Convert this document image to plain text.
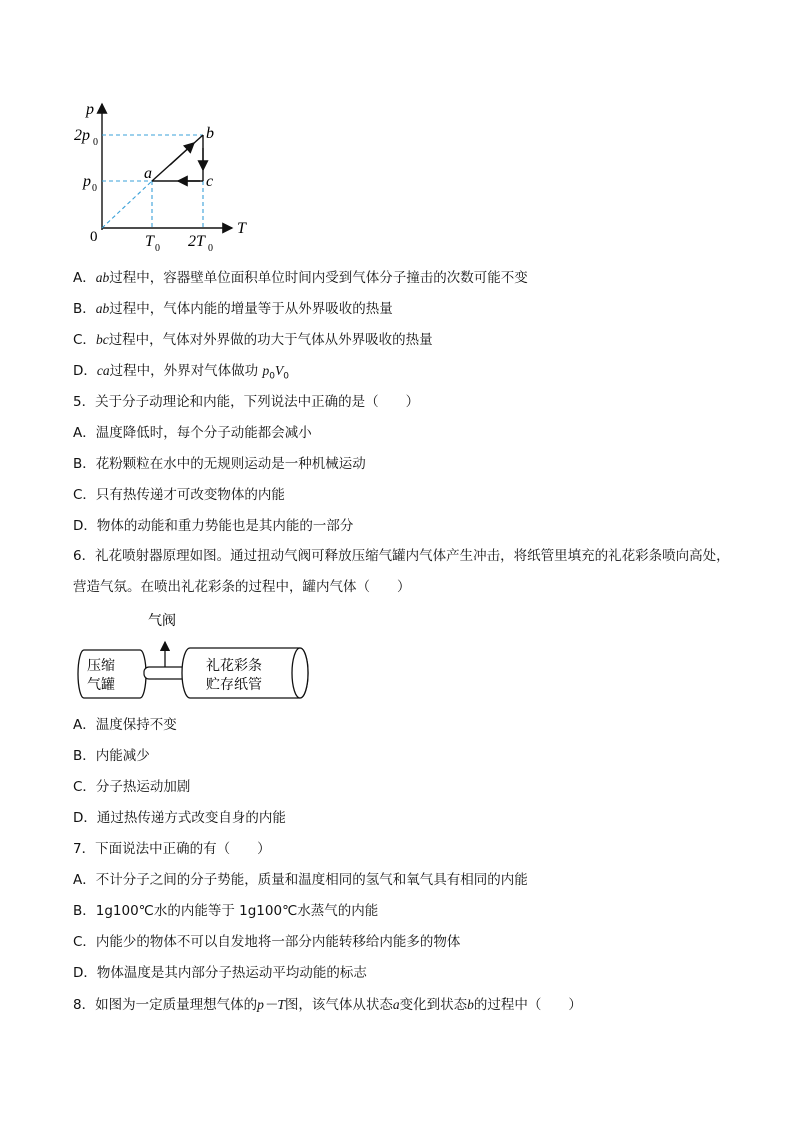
p
T
0
2p 0
p 0
T 0 2T 0
a
b
c
A．ab过程中，容器壁单位面积单位时间内受到气体分子撞击的次数可能不变
B．ab过程中，气体内能的增量等于从外界吸收的热量
C．bc过程中，气体对外界做的功大于气体从外界吸收的热量
D．ca过程中，外界对气体做功 $p_0V_0$
5．关于分子动理论和内能，下列说法中正确的是（　　）
A．温度降低时，每个分子动能都会减小
B．花粉颗粒在水中的无规则运动是一种机械运动
C．只有热传递才可改变物体的内能
D．物体的动能和重力势能也是其内能的一部分
6．礼花喷射器原理如图。通过扭动气阀可释放压缩气罐内气体产生冲击，将纸管里填充的礼花彩条喷向高处，营造气氛。在喷出礼花彩条的过程中，罐内气体（　　）
气阀
压缩
气罐
礼花彩条
贮存纸管
A．温度保持不变
B．内能减少
C．分子热运动加剧
D．通过热传递方式改变自身的内能
7．下面说法中正确的有（　　）
A．不计分子之间的分子势能，质量和温度相同的氢气和氧气具有相同的内能
B．1g100℃水的内能等于 1g100℃水蒸气的内能
C．内能少的物体不可以自发地将一部分内能转移给内能多的物体
D．物体温度是其内部分子热运动平均动能的标志
8．如图为一定质量理想气体的p－T图，该气体从状态a变化到状态b的过程中（　　）
